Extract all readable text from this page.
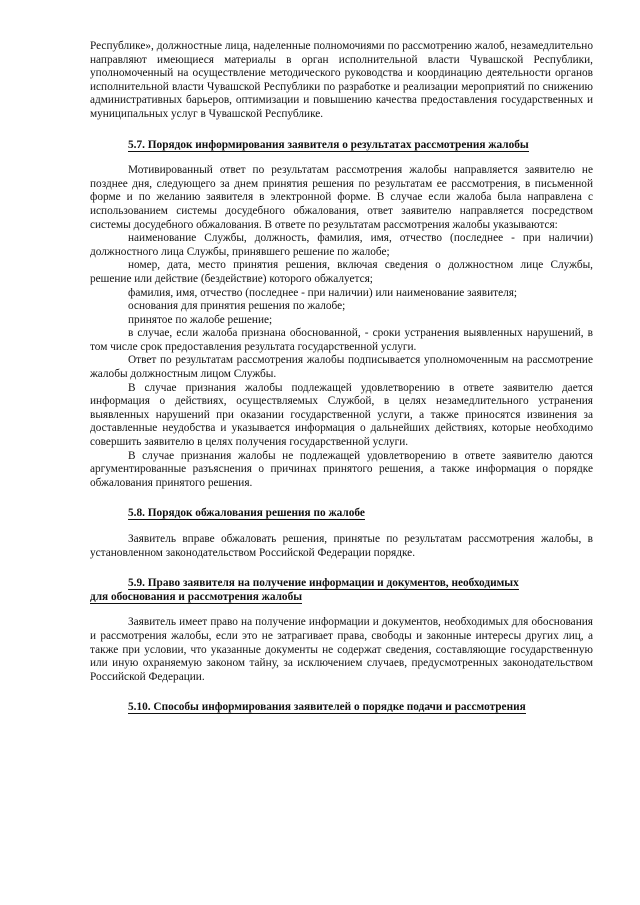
Республике», должностные лица, наделенные полномочиями по рассмотрению жалоб, незамедлительно направляют имеющиеся материалы в орган исполнительной власти Чувашской Республики, уполномоченный на осуществление методического руководства и координацию деятельности органов исполнительной власти Чувашской Республики по разработке и реализации мероприятий по снижению административных барьеров, оптимизации и повышению качества предоставления государственных и муниципальных услуг в Чувашской Республике.

5.7. Порядок информирования заявителя о результатах рассмотрения жалобы

Мотивированный ответ по результатам рассмотрения жалобы направляется заявителю не позднее дня, следующего за днем принятия решения по результатам ее рассмотрения, в письменной форме и по желанию заявителя в электронной форме. В случае если жалоба была направлена с использованием системы досудебного обжалования, ответ заявителю направляется посредством системы досудебного обжалования. В ответе по результатам рассмотрения жалобы указываются:

наименование Службы, должность, фамилия, имя, отчество (последнее - при наличии) должностного лица Службы, принявшего решение по жалобе;

номер, дата, место принятия решения, включая сведения о должностном лице Службы, решение или действие (бездействие) которого обжалуется;

фамилия, имя, отчество (последнее - при наличии) или наименование заявителя;

основания для принятия решения по жалобе;

принятое по жалобе решение;

в случае, если жалоба признана обоснованной, - сроки устранения выявленных нарушений, в том числе срок предоставления результата государственной услуги.

Ответ по результатам рассмотрения жалобы подписывается уполномоченным на рассмотрение жалобы должностным лицом Службы.

В случае признания жалобы подлежащей удовлетворению в ответе заявителю дается информация о действиях, осуществляемых Службой, в целях незамедлительного устранения выявленных нарушений при оказании государственной услуги, а также приносятся извинения за доставленные неудобства и указывается информация о дальнейших действиях, которые необходимо совершить заявителю в целях получения государственной услуги.

В случае признания жалобы не подлежащей удовлетворению в ответе заявителю даются аргументированные разъяснения о причинах принятого решения, а также информация о порядке обжалования принятого решения.

5.8. Порядок обжалования решения по жалобе

Заявитель вправе обжаловать решения, принятые по результатам рассмотрения жалобы, в установленном законодательством Российской Федерации порядке.

5.9. Право заявителя на получение информации и документов, необходимых

для обоснования и рассмотрения жалобы

Заявитель имеет право на получение информации и документов, необходимых для обоснования и рассмотрения жалобы, если это не затрагивает права, свободы и законные интересы других лиц, а также при условии, что указанные документы не содержат сведения, составляющие государственную или иную охраняемую законом тайну, за исключением случаев, предусмотренных законодательством Российской Федерации.

5.10. Способы информирования заявителей о порядке подачи и рассмотрения
